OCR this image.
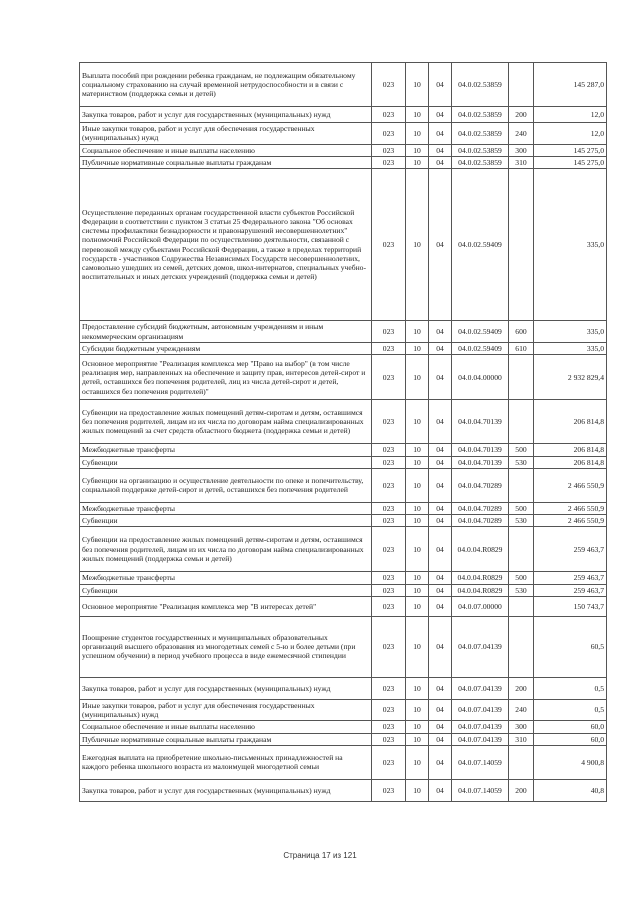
Выплата пособий при рождении ребенка гражданам, не подлежащим обязательному социальному страхованию на случай временной нетрудоспособности и в связи с материнством (поддержка семьи и детей)	023	10	04	04.0.02.53859		145 287,0
Закупка товаров, работ и услуг для государственных (муниципальных) нужд	023	10	04	04.0.02.53859	200	12,0
Иные закупки товаров, работ и услуг для обеспечения государственных (муниципальных) нужд	023	10	04	04.0.02.53859	240	12,0
Социальное обеспечение и иные выплаты населению	023	10	04	04.0.02.53859	300	145 275,0
Публичные нормативные социальные выплаты гражданам	023	10	04	04.0.02.53859	310	145 275,0
Осуществление переданных органам государственной власти субъектов Российской Федерации в соответствии с пунктом 3 статьи 25 Федерального закона "Об основах системы профилактики безнадзорности и правонарушений несовершеннолетних" полномочий Российской Федерации по осуществлению деятельности, связанной с перевозкой между субъектами Российской Федерации, а также в пределах территорий государств - участников Содружества Независимых Государств несовершеннолетних, самовольно ушедших из семей, детских домов, школ-интернатов, специальных учебно-воспитательных и иных детских учреждений (поддержка семьи и детей)	023	10	04	04.0.02.59409		335,0
Предоставление субсидий бюджетным, автономным учреждениям и иным некоммерческим организациям	023	10	04	04.0.02.59409	600	335,0
Субсидии бюджетным учреждениям	023	10	04	04.0.02.59409	610	335,0
Основное мероприятие "Реализация комплекса мер "Право на выбор" (в том числе реализация мер, направленных на обеспечение и защиту прав, интересов детей-сирот и детей, оставшихся без попечения родителей, лиц из числа детей-сирот и детей, оставшихся без попечения родителей)"	023	10	04	04.0.04.00000		2 932 829,4
Субвенции на предоставление жилых помещений детям-сиротам и детям, оставшимся без попечения родителей, лицам из их числа по договорам найма специализированных жилых помещений за счет средств областного бюджета (поддержка семьи и детей)	023	10	04	04.0.04.70139		206 814,8
Межбюджетные трансферты	023	10	04	04.0.04.70139	500	206 814,8
Субвенции	023	10	04	04.0.04.70139	530	206 814,8
Субвенции на организацию и осуществление деятельности по опеке и попечительству, социальной поддержке детей-сирот и детей, оставшихся без попечения родителей	023	10	04	04.0.04.70289		2 466 550,9
Межбюджетные трансферты	023	10	04	04.0.04.70289	500	2 466 550,9
Субвенции	023	10	04	04.0.04.70289	530	2 466 550,9
Субвенции на предоставление жилых помещений детям-сиротам и детям, оставшимся без попечения родителей, лицам из их числа по договорам найма специализированных жилых помещений (поддержка семьи и детей)	023	10	04	04.0.04.R0829		259 463,7
Межбюджетные трансферты	023	10	04	04.0.04.R0829	500	259 463,7
Субвенции	023	10	04	04.0.04.R0829	530	259 463,7
Основное мероприятие "Реализация комплекса мер "В интересах детей"	023	10	04	04.0.07.00000		150 743,7
Поощрение студентов государственных и муниципальных образовательных организаций высшего образования из многодетных семей с 5-ю и более детьми (при успешном обучении) в период учебного процесса в виде ежемесячной стипендии	023	10	04	04.0.07.04139		60,5
Закупка товаров, работ и услуг для государственных (муниципальных) нужд	023	10	04	04.0.07.04139	200	0,5
Иные закупки товаров, работ и услуг для обеспечения государственных (муниципальных) нужд	023	10	04	04.0.07.04139	240	0,5
Социальное обеспечение и иные выплаты населению	023	10	04	04.0.07.04139	300	60,0
Публичные нормативные социальные выплаты гражданам	023	10	04	04.0.07.04139	310	60,0
Ежегодная выплата на приобретение школьно-письменных принадлежностей на каждого ребенка школьного возраста из малоимущей многодетной семьи	023	10	04	04.0.07.14059		4 900,8
Закупка товаров, работ и услуг для государственных (муниципальных) нужд	023	10	04	04.0.07.14059	200	40,8
Страница 17 из 121
